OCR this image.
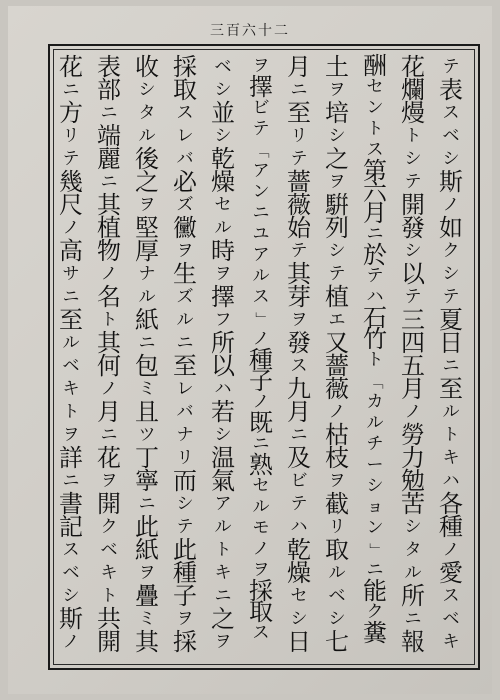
三百六十二
テ
表
ス
ベ
シ
斯
ノ
如
ク
シ
テ
夏
日
ニ
至
ル
ト
キ
ハ
各
種
ノ
愛
ス
ベ
キ
花
爛
熳
ト
シ
テ
開
發
シ
以
テ
三
四
五
月
ノ
勞
力
勉
苦
シ
タ
ル
所
ニ
報
酬
セ
ン
ト
ス
第
六
月
ニ
於
テ
ハ
石
竹
ト
「
カ
ル
チ
ー
シ
ョ
ン
」
ニ
能
ク
糞
土
ヲ
培
シ
之
ヲ
騈
列
シ
テ
植
エ
又
薔
薇
ノ
枯
枝
ヲ
截
リ
取
ル
ベ
シ
七
月
ニ
至
リ
テ
薔
薇
始
テ
其
芽
ヲ
發
ス
九
月
ニ
及
ビ
テ
ハ
乾
燥
セ
シ
日
ヲ
擇
ビ
テ
「
ア
ン
ニ
ユ
ア
ル
ス
」
ノ
種
子
ノ
既
ニ
熟
セ
ル
モ
ノ
ヲ
採
取
ス
ベ
シ
並
シ
乾
燥
セ
ル
時
ヲ
擇
フ
所
以
ハ
若
シ
温
氣
ア
ル
ト
キ
ニ
之
ヲ
採
取
ス
レ
バ
必
ズ
黴
ヲ
生
ズ
ル
ニ
至
レ
バ
ナ
リ
而
シ
テ
此
種
子
ヲ
採
收
シ
タ
ル
後
之
ヲ
堅
厚
ナ
ル
紙
ニ
包
ミ
且
ツ
丁
寧
ニ
此
紙
ヲ
疊
ミ
其
表
部
ニ
端
麗
ニ
其
植
物
ノ
名
ト
其
何
ノ
月
ニ
花
ヲ
開
ク
ベ
キ
ト
共
開
花
ニ
方
リ
テ
幾
尺
ノ
高
サ
ニ
至
ル
ベ
キ
ト
ヲ
詳
ニ
書
記
ス
ベ
シ
斯
ノ
